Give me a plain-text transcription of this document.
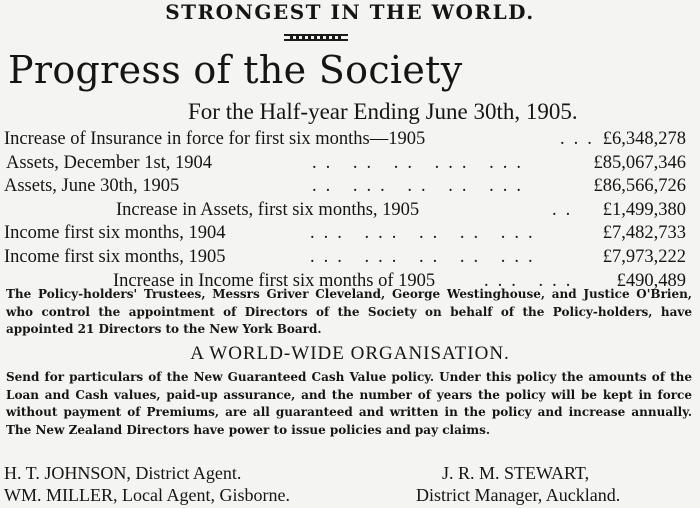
STRONGEST IN THE WORLD.
Progress of the Society
For the Half-year Ending June 30th, 1905.
Increase of Insurance in force for first six months—1905	... £6,348,278
Assets, December 1st, 1904	.. .. .. ... ...	£85,067,346
Assets, June 30th, 1905	.. ... .. .. ...	£86,566,726
Increase in Assets, first six months, 1905	.. £1,499,380
Income first six months, 1904	... ... .. .. ...	£7,482,733
Income first six months, 1905	... ... .. .. ...	£7,973,222
Increase in Income first six months of 1905	... ... £490,489
The Policy-holders' Trustees, Messrs Griver Cleveland, George Westinghouse, and Justice O'Brien, who control the appointment of Directors of the Society on behalf of the Policy-holders, have appointed 21 Directors to the New York Board.
A WORLD-WIDE ORGANISATION.
Send for particulars of the New Guaranteed Cash Value policy. Under this policy the amounts of the Loan and Cash values, paid-up assurance, and the number of years the policy will be kept in force without payment of Premiums, are all guaranteed and written in the policy and increase annually. The New Zealand Directors have power to issue policies and pay claims.
H. T. JOHNSON, District Agent.
WM. MILLER, Local Agent, Gisborne.
J. R. M. STEWART,
District Manager, Auckland.
